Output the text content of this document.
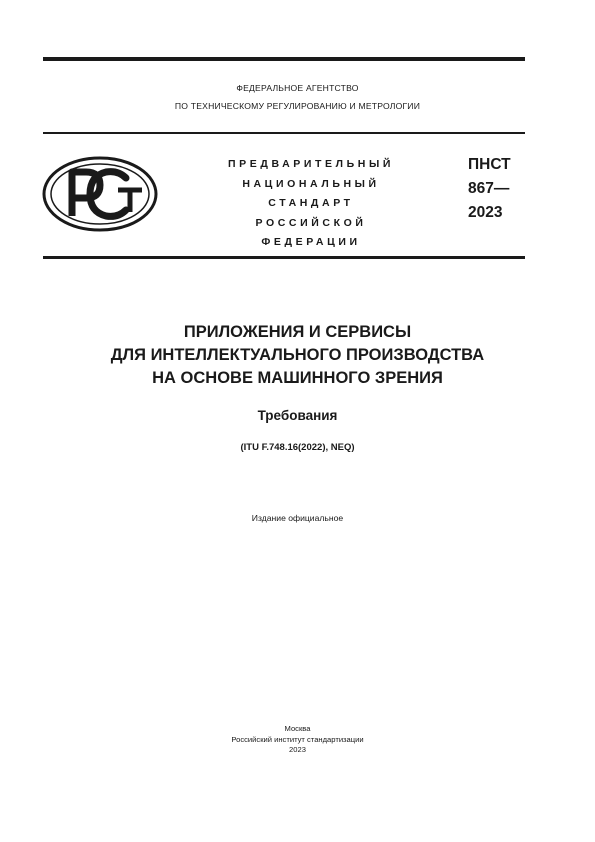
ФЕДЕРАЛЬНОЕ АГЕНТСТВО
ПО ТЕХНИЧЕСКОМУ РЕГУЛИРОВАНИЮ И МЕТРОЛОГИИ
ПРЕДВАРИТЕЛЬНЫЙ
НАЦИОНАЛЬНЫЙ
СТАНДАРТ
РОССИЙСКОЙ
ФЕДЕРАЦИИ
ПНСТ
867—
2023
ПРИЛОЖЕНИЯ И СЕРВИСЫ
ДЛЯ ИНТЕЛЛЕКТУАЛЬНОГО ПРОИЗВОДСТВА
НА ОСНОВЕ МАШИННОГО ЗРЕНИЯ
Требования
(ITU F.748.16(2022), NEQ)
Издание официальное
Москва
Российский институт стандартизации
2023
